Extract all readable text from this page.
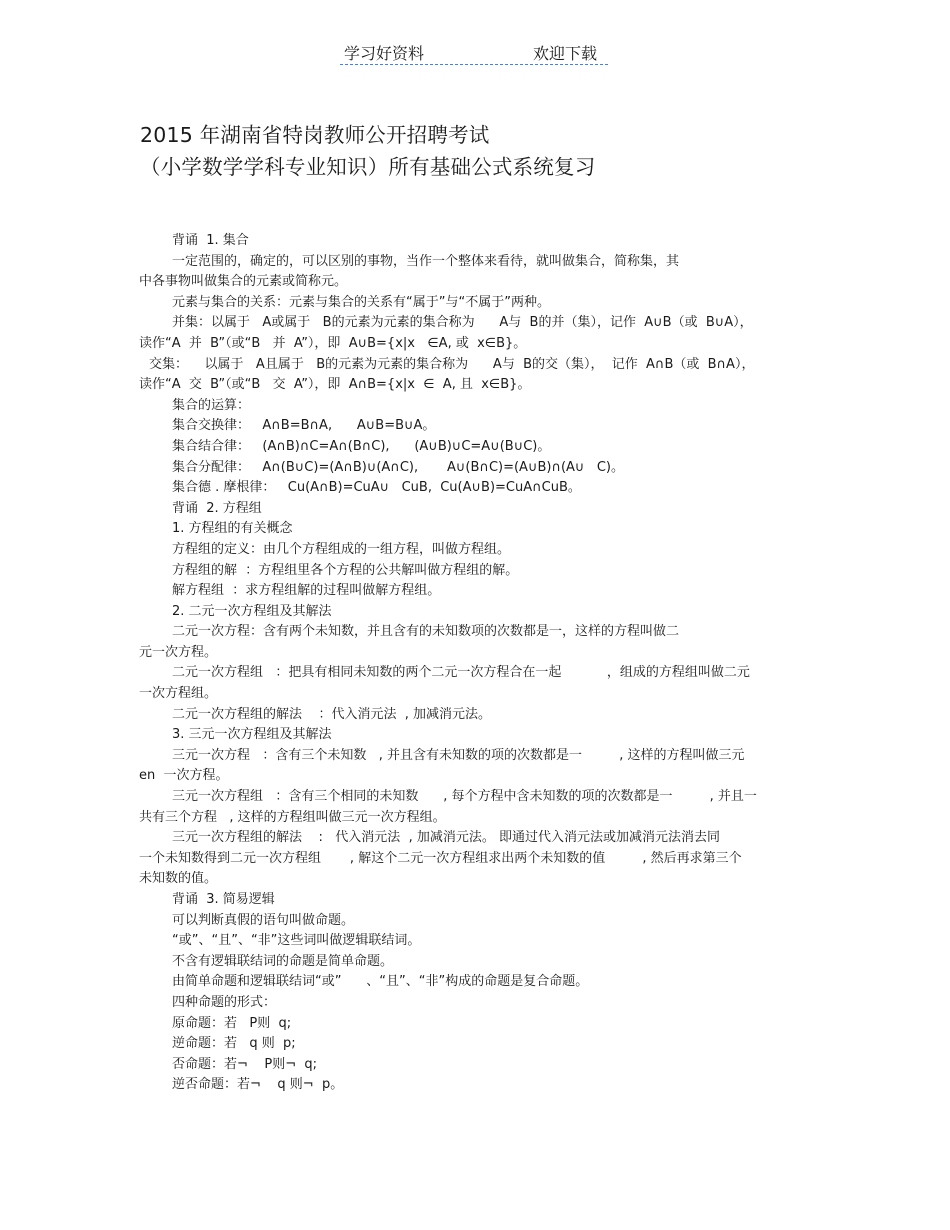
学习好资料	欢迎下载
2015 年湖南省特岗教师公开招聘考试
（小学数学学科专业知识）所有基础公式系统复习
背诵  1. 集合
一定范围的，确定的，可以区别的事物，当作一个整体来看待，就叫做集合，简称集，其
中各事物叫做集合的元素或简称元。
元素与集合的关系：元素与集合的关系有“属于”与“不属于”两种。
并集：以属于   A或属于   B的元素为元素的集合称为      A与  B的并（集），记作  A∪B（或  B∪A），
读作“A  并  B”（或“B   并  A”），即  A∪B={x|x   ∈A, 或  x∈B}。
交集：    以属于   A且属于   B的元素为元素的集合称为      A与  B的交（集），  记作  A∩B（或  B∩A），
读作“A  交  B”（或“B   交  A”），即  A∩B={x|x  ∈  A, 且  x∈B}。
集合的运算：
集合交换律：   A∩B=B∩A,      A∪B=B∪A。
集合结合律：   (A∩B)∩C=A∩(B∩C),      (A∪B)∪C=A∪(B∪C)。
集合分配律：   A∩(B∪C)=(A∩B)∪(A∩C),       A∪(B∩C)=(A∪B)∩(A∪   C)。
集合德 . 摩根律：   Cu(A∩B)=CuA∪   CuB,  Cu(A∪B)=CuA∩CuB。
背诵  2. 方程组
1. 方程组的有关概念
方程组的定义：由几个方程组成的一组方程，叫做方程组。
方程组的解  ：方程组里各个方程的公共解叫做方程组的解。
解方程组  ：求方程组解的过程叫做解方程组。
2. 二元一次方程组及其解法
二元一次方程：含有两个未知数，并且含有的未知数项的次数都是一，这样的方程叫做二
元一次方程。
二元一次方程组   ：把具有相同未知数的两个二元一次方程合在一起           ，组成的方程组叫做二元
一次方程组。
二元一次方程组的解法    ：代入消元法  , 加减消元法。
3. 三元一次方程组及其解法
三元一次方程   ：含有三个未知数   , 并且含有未知数的项的次数都是一         , 这样的方程叫做三元
en  一次方程。
三元一次方程组   ：含有三个相同的未知数      , 每个方程中含未知数的项的次数都是一         , 并且一
共有三个方程   , 这样的方程组叫做三元一次方程组。
三元一次方程组的解法    :   代入消元法  , 加减消元法。 即通过代入消元法或加减消元法消去同
一个未知数得到二元一次方程组       , 解这个二元一次方程组求出两个未知数的值         , 然后再求第三个
未知数的值。
背诵  3. 简易逻辑
可以判断真假的语句叫做命题。
“或”、“且”、“非”这些词叫做逻辑联结词。
不含有逻辑联结词的命题是简单命题。
由简单命题和逻辑联结词“或”      、“且”、“非”构成的命题是复合命题。
四种命题的形式：
原命题：若   P则  q;
逆命题：若   q 则  p;
否命题：若¬    P则¬  q;
逆否命题：若¬    q 则¬  p。
